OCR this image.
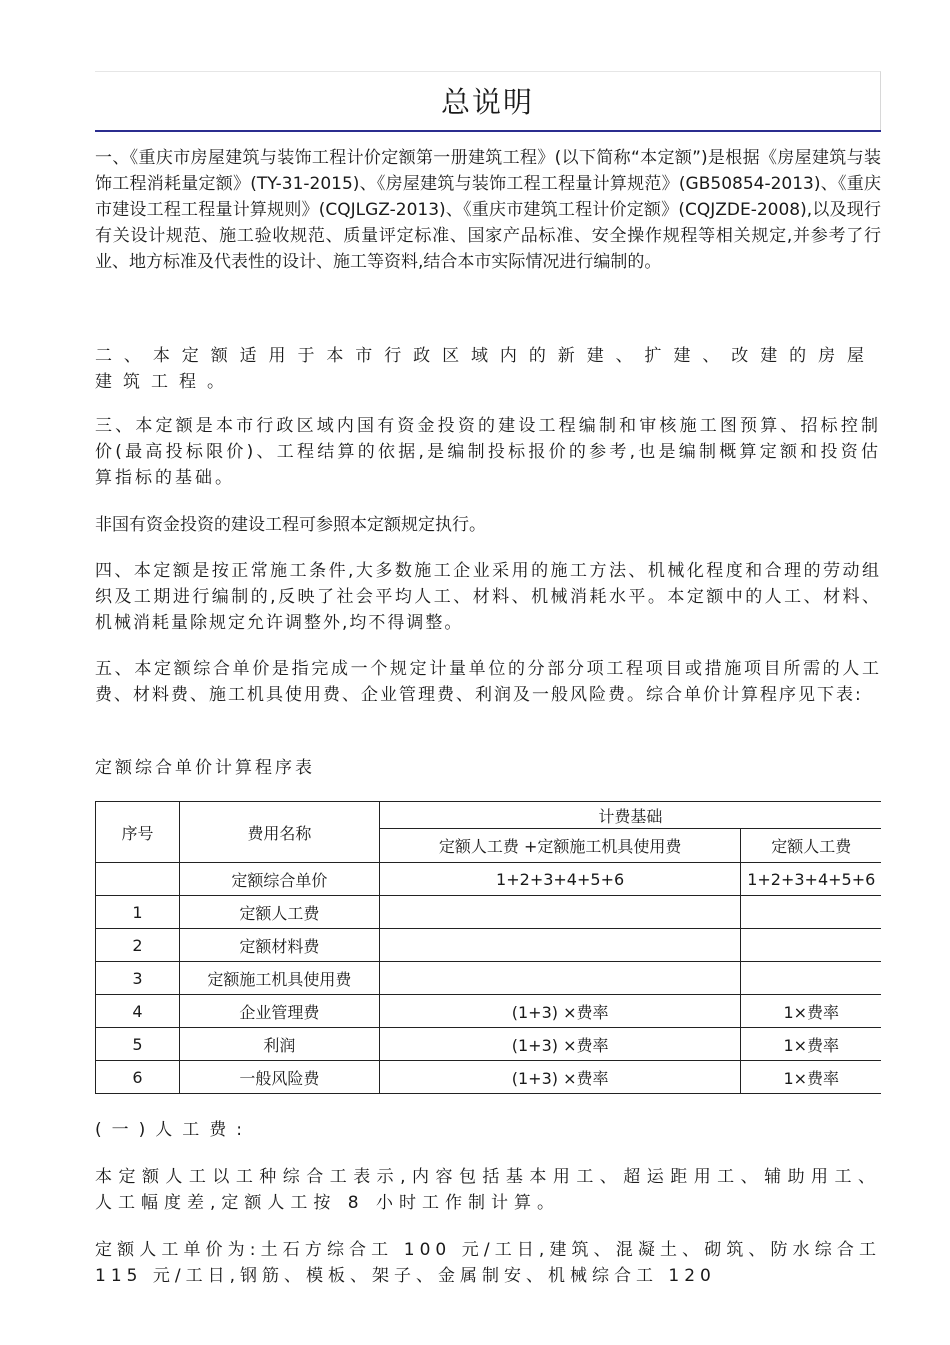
总说明

一、《重庆市房屋建筑与装饰工程计价定额第一册建筑工程》(以下简称“本定额”)是根据《房屋建筑与装饰工程消耗量定额》(TY-31-2015)、《房屋建筑与装饰工程工程量计算规范》(GB50854-2013)、《重庆市建设工程工程量计算规则》(CQJLGZ-2013)、《重庆市建筑工程计价定额》(CQJZDE-2008),以及现行有关设计规范、施工验收规范、质量评定标准、国家产品标准、安全操作规程等相关规定,并参考了行业、地方标准及代表性的设计、施工等资料,结合本市实际情况进行编制的。

二、本定额适用于本市行政区域内的新建、扩建、改建的房屋建筑工程。

三、本定额是本市行政区域内国有资金投资的建设工程编制和审核施工图预算、招标控制价(最高投标限价)、工程结算的依据,是编制投标报价的参考,也是编制概算定额和投资估算指标的基础。

非国有资金投资的建设工程可参照本定额规定执行。

四、本定额是按正常施工条件,大多数施工企业采用的施工方法、机械化程度和合理的劳动组织及工期进行编制的,反映了社会平均人工、材料、机械消耗水平。本定额中的人工、材料、机械消耗量除规定允许调整外,均不得调整。

五、本定额综合单价是指完成一个规定计量单位的分部分项工程项目或措施项目所需的人工费、材料费、施工机具使用费、企业管理费、利润及一般风险费。综合单价计算程序见下表:

定额综合单价计算程序表

序号	费用名称	计费基础	
		定额人工费 +定额施工机具使用费	定额人工费
	定额综合单价	1+2+3+4+5+6	1+2+3+4+5+6
1	定额人工费		
2	定额材料费		
3	定额施工机具使用费		
4	企业管理费	(1+3) ×费率	1×费率
5	利润	(1+3) ×费率	1×费率
6	一般风险费	(1+3) ×费率	1×费率

(一)人工费:

本定额人工以工种综合工表示,内容包括基本用工、超运距用工、辅助用工、人工幅度差,定额人工按 8 小时工作制计算。

定额人工单价为:土石方综合工 100 元/工日,建筑、混凝土、砌筑、防水综合工 115 元/工日,钢筋、模板、架子、金属制安、机械综合工 120
